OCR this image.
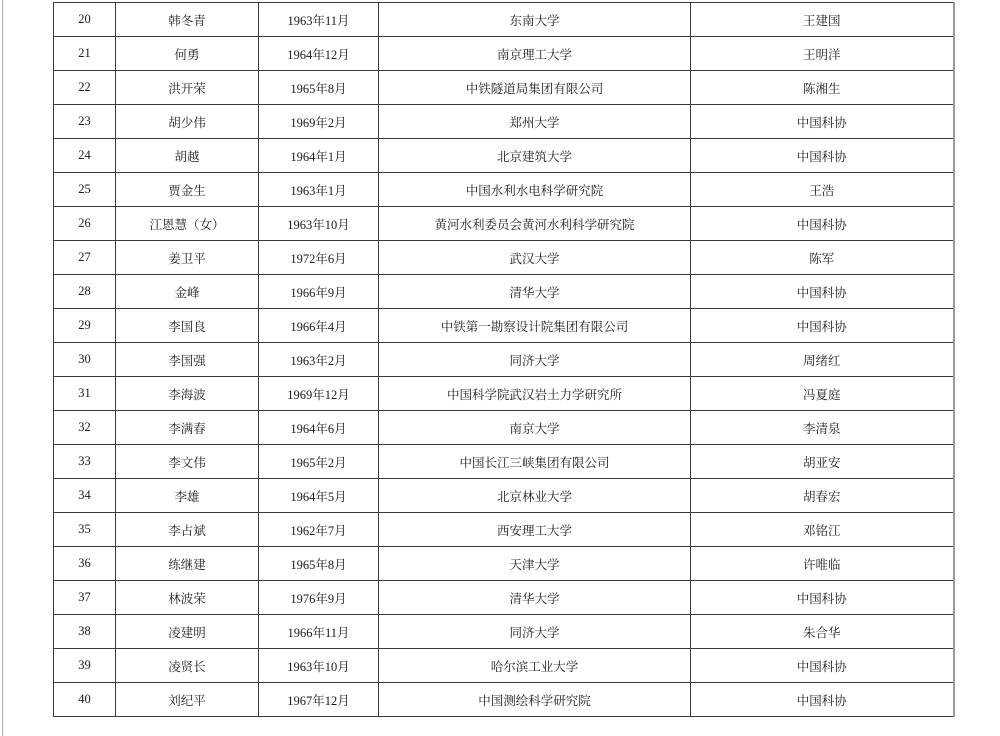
20	韩冬青	1963年11月	东南大学	王建国
21	何勇	1964年12月	南京理工大学	王明洋
22	洪开荣	1965年8月	中铁隧道局集团有限公司	陈湘生
23	胡少伟	1969年2月	郑州大学	中国科协
24	胡越	1964年1月	北京建筑大学	中国科协
25	贾金生	1963年1月	中国水利水电科学研究院	王浩
26	江恩慧（女）	1963年10月	黄河水利委员会黄河水利科学研究院	中国科协
27	姜卫平	1972年6月	武汉大学	陈军
28	金峰	1966年9月	清华大学	中国科协
29	李国良	1966年4月	中铁第一勘察设计院集团有限公司	中国科协
30	李国强	1963年2月	同济大学	周绪红
31	李海波	1969年12月	中国科学院武汉岩土力学研究所	冯夏庭
32	李满春	1964年6月	南京大学	李清泉
33	李文伟	1965年2月	中国长江三峡集团有限公司	胡亚安
34	李雄	1964年5月	北京林业大学	胡春宏
35	李占斌	1962年7月	西安理工大学	邓铭江
36	练继建	1965年8月	天津大学	许唯临
37	林波荣	1976年9月	清华大学	中国科协
38	凌建明	1966年11月	同济大学	朱合华
39	凌贤长	1963年10月	哈尔滨工业大学	中国科协
40	刘纪平	1967年12月	中国测绘科学研究院	中国科协
